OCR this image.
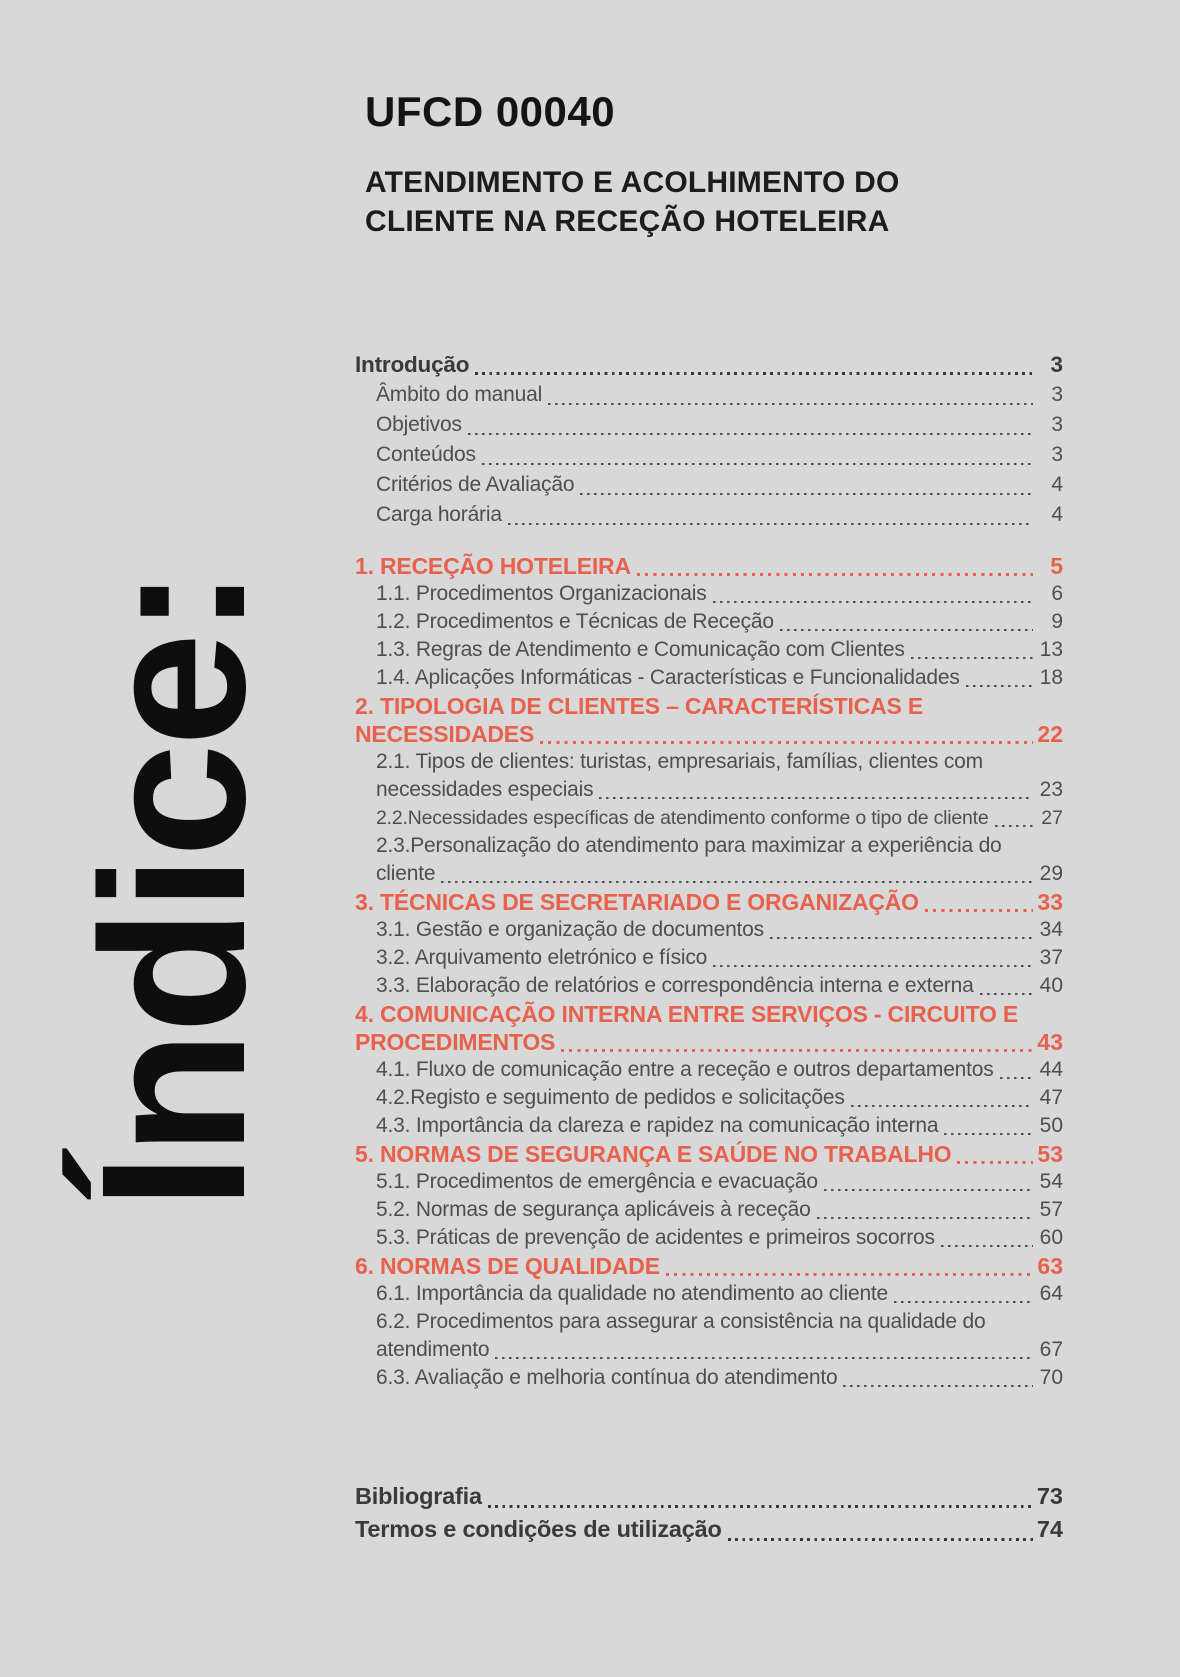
Índice:
UFCD 00040
ATENDIMENTO E ACOLHIMENTO DO
CLIENTE NA RECEÇÃO HOTELEIRA
Introdução	3
Âmbito do manual	3
Objetivos	3
Conteúdos	3
Critérios de Avaliação	4
Carga horária	4
1. RECEÇÃO HOTELEIRA	5
1.1. Procedimentos Organizacionais	6
1.2. Procedimentos e Técnicas de Receção	9
1.3. Regras de Atendimento e Comunicação com Clientes	13
1.4. Aplicações Informáticas - Características e Funcionalidades	18
2. TIPOLOGIA DE CLIENTES – CARACTERÍSTICAS E
NECESSIDADES	22
2.1. Tipos de clientes: turistas, empresariais, famílias, clientes com
necessidades especiais	23
2.2.Necessidades específicas de atendimento conforme o tipo de cliente	27
2.3.Personalização do atendimento para maximizar a experiência do
cliente	29
3. TÉCNICAS DE SECRETARIADO E ORGANIZAÇÃO	33
3.1. Gestão e organização de documentos	34
3.2. Arquivamento eletrónico e físico	37
3.3. Elaboração de relatórios e correspondência interna e externa	40
4. COMUNICAÇÃO INTERNA ENTRE SERVIÇOS - CIRCUITO E
PROCEDIMENTOS	43
4.1. Fluxo de comunicação entre a receção e outros departamentos 44
4.2.Registo e seguimento de pedidos e solicitações	47
4.3. Importância da clareza e rapidez na comunicação interna	50
5. NORMAS DE SEGURANÇA E SAÚDE NO TRABALHO	53
5.1. Procedimentos de emergência e evacuação	54
5.2. Normas de segurança aplicáveis à receção	57
5.3. Práticas de prevenção de acidentes e primeiros socorros	60
6. NORMAS DE QUALIDADE	63
6.1. Importância da qualidade no atendimento ao cliente	64
6.2. Procedimentos para assegurar a consistência na qualidade do
atendimento	67
6.3. Avaliação e melhoria contínua do atendimento	70
Bibliografia	73
Termos e condições de utilização	74
